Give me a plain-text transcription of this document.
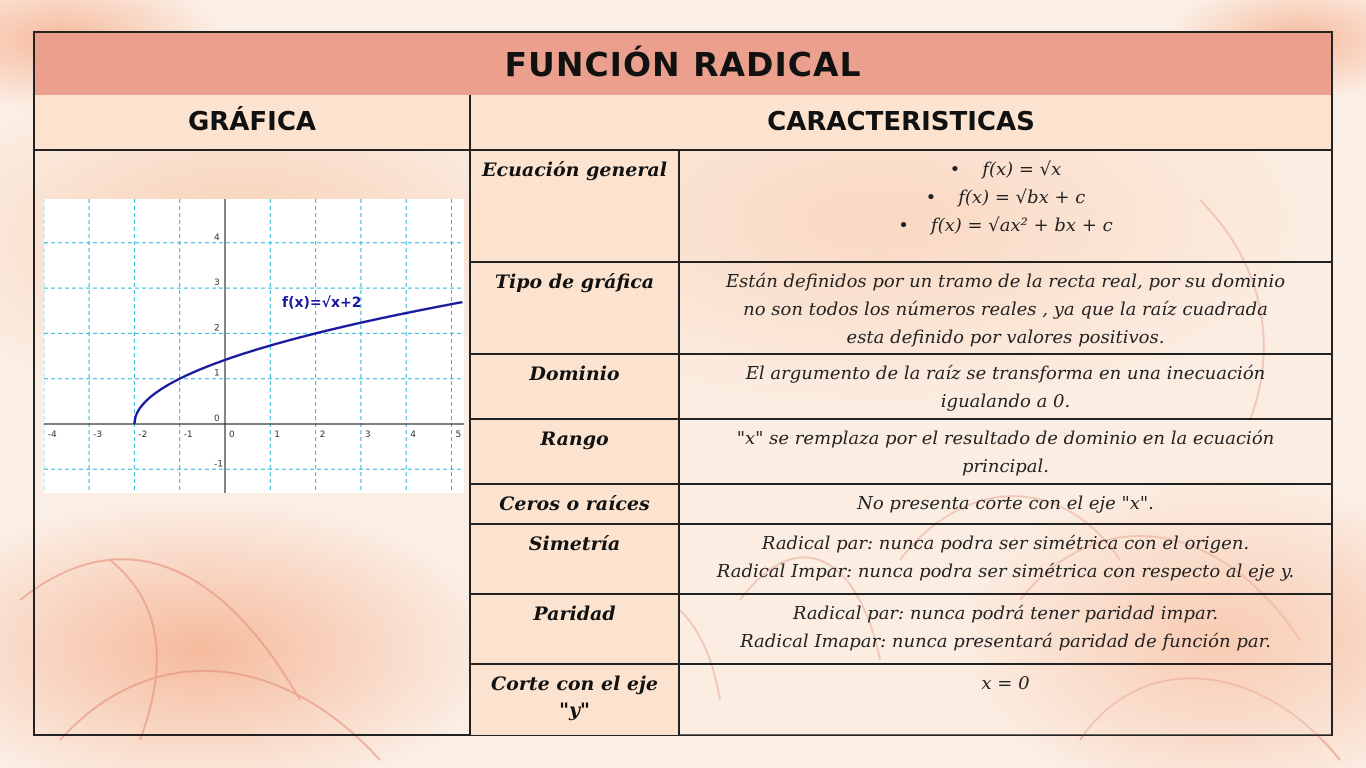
FUNCIÓN RADICAL
GRÁFICA	CARACTERISTICAS
-4	-3	-2	-1	0	1	2	3	4	5
4
3
2
1
0
-1
f(x)=√x+2
Ecuación general
•	f(x) = √x
• f(x) = √bx + c
• f(x) = √ax² + bx + c
Tipo de gráfica	Están definidos por un tramo de la recta real, por su dominio
no son todos los números reales , ya que la raíz cuadrada
esta definido por valores positivos.
Dominio	El argumento de la raíz se transforma en una inecuación
igualando a 0.
Rango	"x" se remplaza por el resultado de dominio en la ecuación
principal.
Ceros o raíces	No presenta corte con el eje "x".
Simetría	Radical par: nunca podra ser simétrica con el origen.
Radical Impar: nunca podra ser simétrica con respecto al eje y.
Paridad	Radical par: nunca podrá tener paridad impar.
Radical Imapar: nunca presentará paridad de función par.
Corte con el eje "y"
x = 0
